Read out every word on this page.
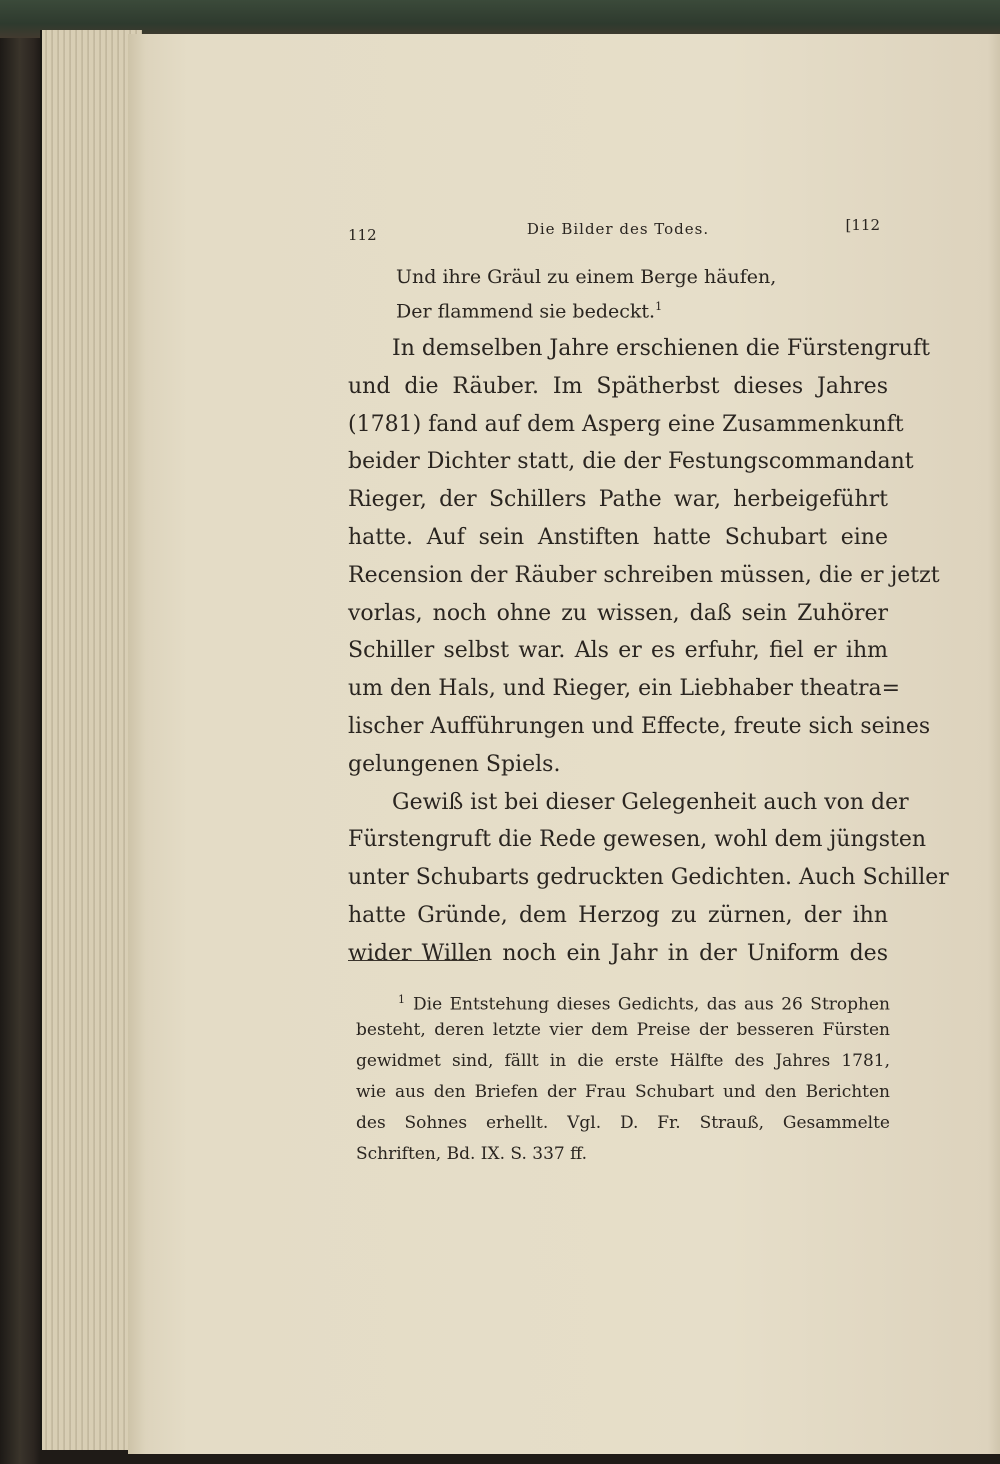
112	Die Bilder des Todes.	[112
Und ihre Gräul zu einem Berge häufen,
Der flammend sie bedeckt.$^1$
In demselben Jahre erschienen die Fürstengruft
und die Räuber. Im Spätherbst dieses Jahres
(1781) fand auf dem Asperg eine Zusammenkunft
beider Dichter statt, die der Festungscommandant
Rieger, der Schillers Pathe war, herbeigeführt
hatte. Auf sein Anstiften hatte Schubart eine
Recension der Räuber schreiben müssen, die er jetzt
vorlas, noch ohne zu wissen, daß sein Zuhörer
Schiller selbst war. Als er es erfuhr, fiel er ihm
um den Hals, und Rieger, ein Liebhaber theatra=
lischer Aufführungen und Effecte, freute sich seines
gelungenen Spiels.
Gewiß ist bei dieser Gelegenheit auch von der
Fürstengruft die Rede gewesen, wohl dem jüngsten
unter Schubarts gedruckten Gedichten. Auch Schiller
hatte Gründe, dem Herzog zu zürnen, der ihn
wider Willen noch ein Jahr in der Uniform des
$^1$ Die Entstehung dieses Gedichts, das aus 26 Strophen
besteht, deren letzte vier dem Preise der besseren Fürsten
gewidmet sind, fällt in die erste Hälfte des Jahres 1781,
wie aus den Briefen der Frau Schubart und den Berichten
des Sohnes erhellt. Vgl. D. Fr. Strauß, Gesammelte
Schriften, Bd. IX. S. 337 ff.
